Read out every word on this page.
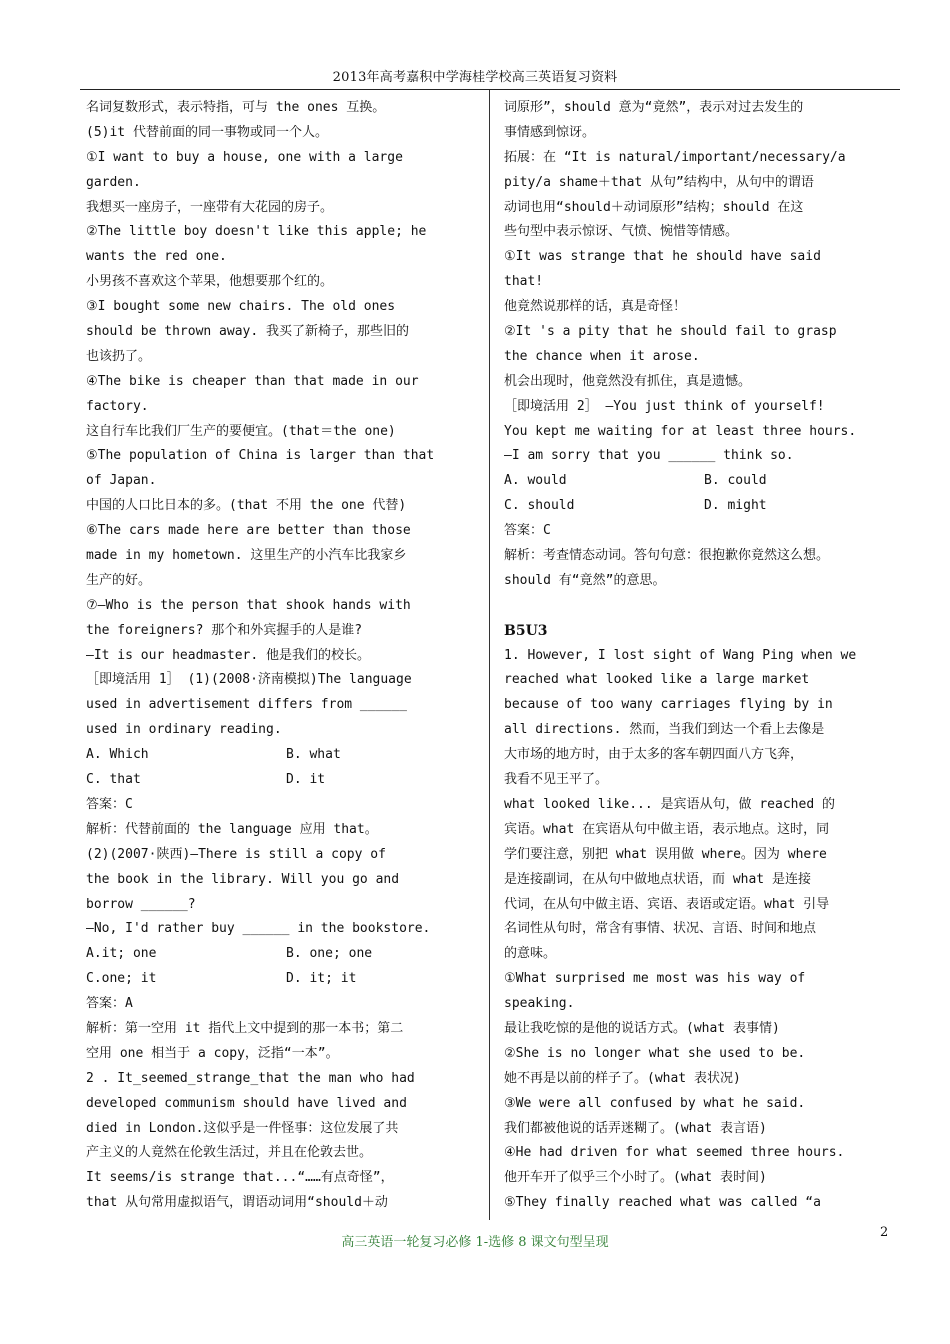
2013年高考嘉积中学海桂学校高三英语复习资料
名词复数形式，表示特指，可与 the ones 互换。
(5)it 代替前面的同一事物或同一个人。
①I want to buy a house, one with a large
garden.
我想买一座房子，一座带有大花园的房子。
②The little boy doesn't like this apple; he
wants the red one.
小男孩不喜欢这个苹果，他想要那个红的。
③I bought some new chairs. The old ones
should be thrown away. 我买了新椅子，那些旧的
也该扔了。
④The bike is cheaper than that made in our
factory.
这自行车比我们厂生产的要便宜。(that＝the one)
⑤The population of China is larger than that
of Japan.
中国的人口比日本的多。(that 不用 the one 代替)
⑥The cars made here are better than those
made in my hometown. 这里生产的小汽车比我家乡
生产的好。
⑦—Who is the person that shook hands with
the foreigners? 那个和外宾握手的人是谁?
—It is our headmaster. 他是我们的校长。
［即境活用 1］ (1)(2008·济南模拟)The language
used in advertisement differs from ______
used in ordinary reading.
A. Which	B. what
C. that	D. it
答案：C
解析：代替前面的 the language 应用 that。
(2)(2007·陕西)—There is still a copy of
the book in the library. Will you go and
borrow ______?
—No, I'd rather buy ______ in the bookstore.
A.it; one	B. one; one
C.one; it	D. it; it
答案：A
解析：第一空用 it 指代上文中提到的那一本书；第二
空用 one 相当于 a copy，泛指“一本”。
2 . It_seemed_strange_that the man who had
developed communism should have lived and
died in London.这似乎是一件怪事：这位发展了共
产主义的人竟然在伦敦生活过，并且在伦敦去世。
It seems/is strange that...“……有点奇怪”，
that 从句常用虚拟语气，谓语动词用“should＋动
词原形”，should 意为“竟然”，表示对过去发生的
事情感到惊讶。
拓展：在 “It is natural/important/necessary/a
pity/a shame＋that 从句”结构中，从句中的谓语
动词也用“should＋动词原形”结构；should 在这
些句型中表示惊讶、气愤、惋惜等情感。
①It was strange that he should have said
that!
他竟然说那样的话，真是奇怪！
②It 's a pity that he should fail to grasp
the chance when it arose.
机会出现时，他竟然没有抓住，真是遗憾。
［即境活用 2］ —You just think of yourself!
You kept me waiting for at least three hours.
—I am sorry that you ______ think so.
A. would	B. could
C. should	D. might
答案：C
解析：考查情态动词。答句句意：很抱歉你竟然这么想。
should 有“竟然”的意思。
B5U3
1. However, I lost sight of Wang Ping when we
reached what looked like a large market
because of too wany carriages flying by in
all directions. 然而，当我们到达一个看上去像是
大市场的地方时，由于太多的客车朝四面八方飞奔，
我看不见王平了。
what looked like... 是宾语从句，做 reached 的
宾语。what 在宾语从句中做主语，表示地点。这时，同
学们要注意，别把 what 误用做 where。因为 where
是连接副词，在从句中做地点状语，而 what 是连接
代词，在从句中做主语、宾语、表语或定语。what 引导
名词性从句时，常含有事情、状况、言语、时间和地点
的意味。
①What surprised me most was his way of
speaking.
最让我吃惊的是他的说话方式。(what 表事情)
②She is no longer what she used to be.
她不再是以前的样子了。(what 表状况)
③We were all confused by what he said.
我们都被他说的话弄迷糊了。(what 表言语)
④He had driven for what seemed three hours.
他开车开了似乎三个小时了。(what 表时间)
⑤They finally reached what was called “a
高三英语一轮复习必修 1-选修 8 课文句型呈现
2
